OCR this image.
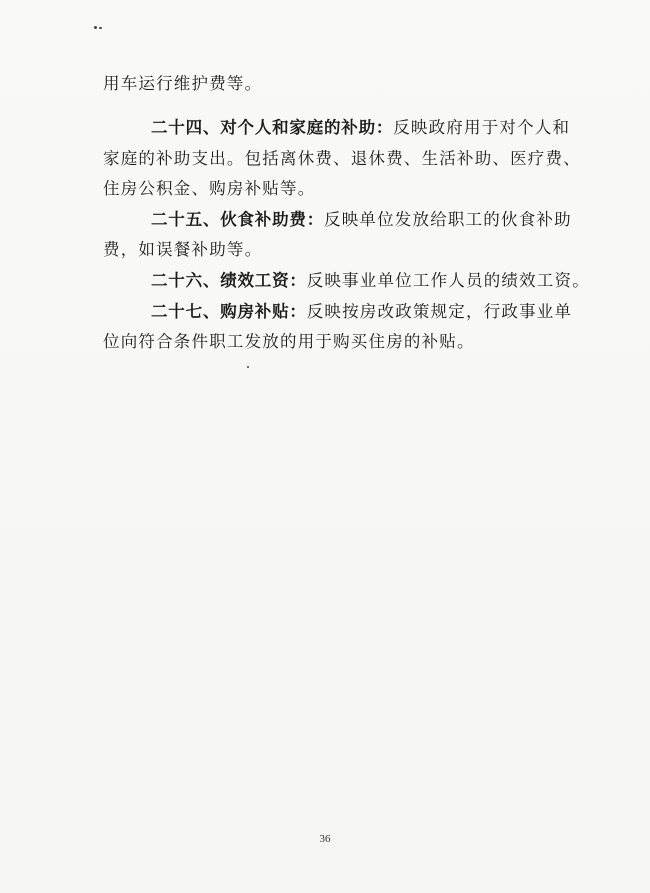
用车运行维护费等。
二十四、对个人和家庭的补助：反映政府用于对个人和
家庭的补助支出。包括离休费、退休费、生活补助、医疗费、
住房公积金、购房补贴等。
二十五、伙食补助费：反映单位发放给职工的伙食补助
费，如误餐补助等。
二十六、绩效工资：反映事业单位工作人员的绩效工资。
二十七、购房补贴：反映按房改政策规定，行政事业单
位向符合条件职工发放的用于购买住房的补贴。
36
